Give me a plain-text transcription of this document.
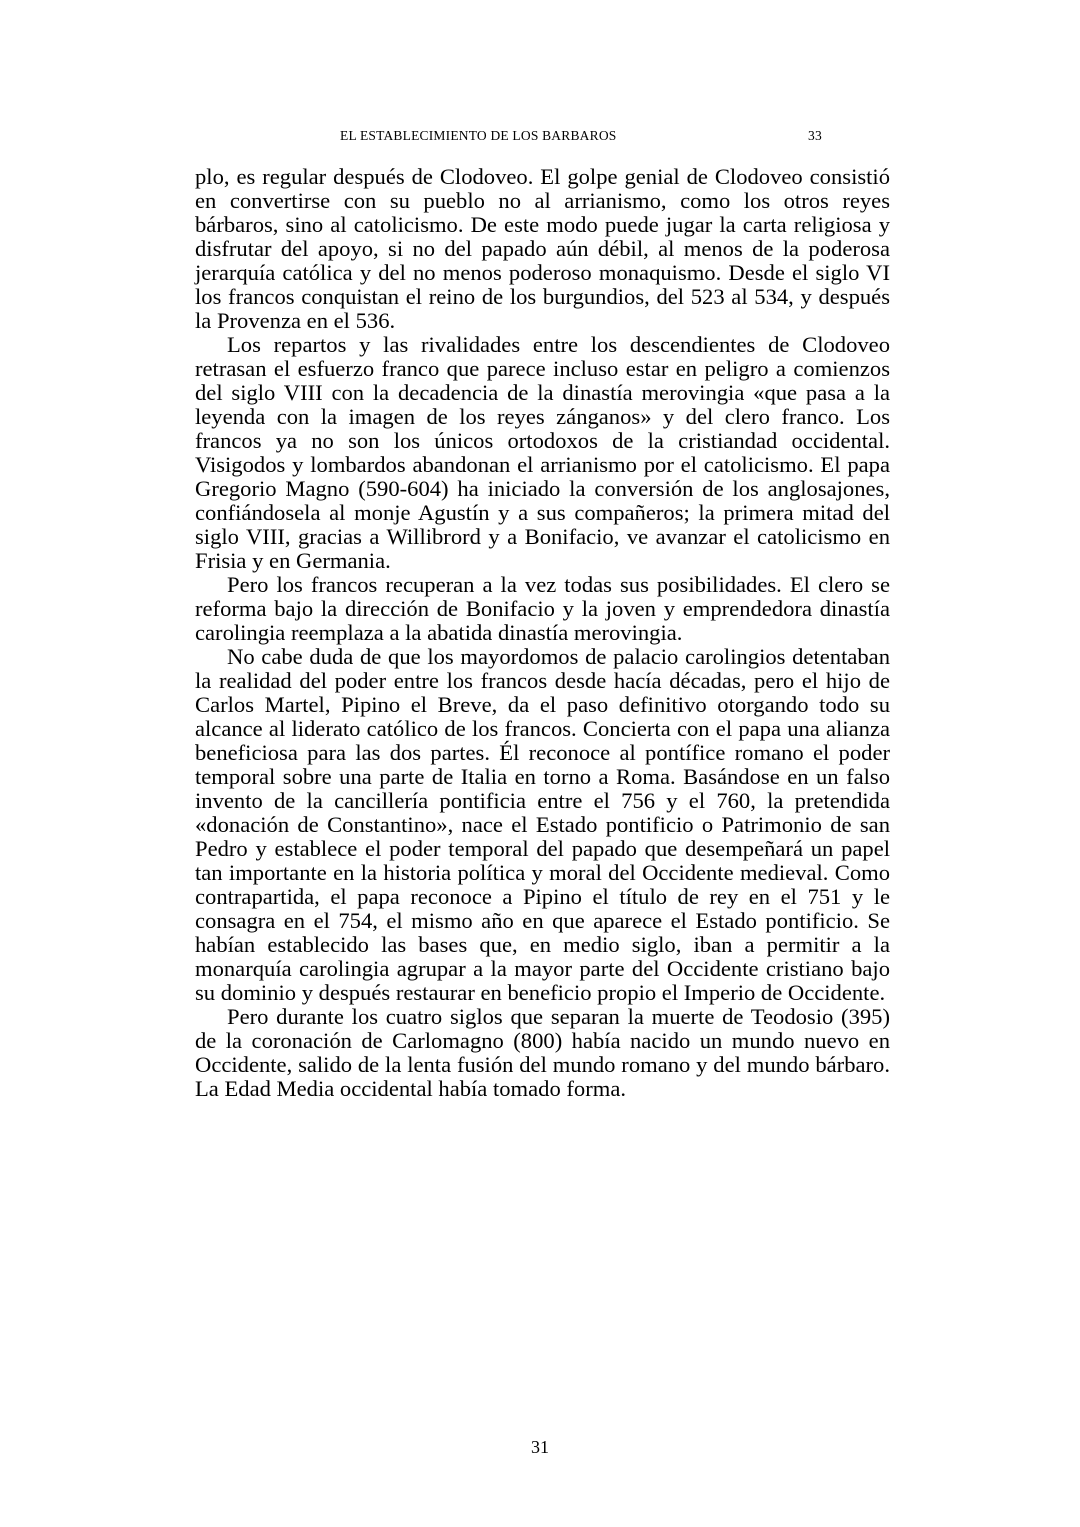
EL ESTABLECIMIENTO DE LOS BARBAROS	33

plo, es regular después de Clodoveo. El golpe genial de Clodoveo consistió en convertirse con su pueblo no al arrianismo, como los otros reyes bárbaros, sino al catolicismo. De este modo puede jugar la carta religiosa y disfrutar del apoyo, si no del papado aún débil, al menos de la poderosa jerarquía católica y del no menos poderoso monaquismo. Desde el siglo VI los francos conquistan el reino de los burgundios, del 523 al 534, y después la Provenza en el 536.

Los repartos y las rivalidades entre los descendientes de Clodoveo retrasan el esfuerzo franco que parece incluso estar en peligro a comienzos del siglo VIII con la decadencia de la dinastía merovingia «que pasa a la leyenda con la imagen de los reyes zánganos» y del clero franco. Los francos ya no son los únicos ortodoxos de la cristiandad occidental. Visigodos y lombardos abandonan el arrianismo por el catolicismo. El papa Gregorio Magno (590-604) ha iniciado la conversión de los anglosajones, confiándosela al monje Agustín y a sus compañeros; la primera mitad del siglo VIII, gracias a Willibrord y a Bonifacio, ve avanzar el catolicismo en Frisia y en Germania.

Pero los francos recuperan a la vez todas sus posibilidades. El clero se reforma bajo la dirección de Bonifacio y la joven y emprendedora dinastía carolingia reemplaza a la abatida dinastía merovingia.

No cabe duda de que los mayordomos de palacio carolingios detentaban la realidad del poder entre los francos desde hacía décadas, pero el hijo de Carlos Martel, Pipino el Breve, da el paso definitivo otorgando todo su alcance al liderato católico de los francos. Concierta con el papa una alianza beneficiosa para las dos partes. Él reconoce al pontífice romano el poder temporal sobre una parte de Italia en torno a Roma. Basándose en un falso invento de la cancillería pontificia entre el 756 y el 760, la pretendida «donación de Constantino», nace el Estado pontificio o Patrimonio de san Pedro y establece el poder temporal del papado que desempeñará un papel tan importante en la historia política y moral del Occidente medieval. Como contrapartida, el papa reconoce a Pipino el título de rey en el 751 y le consagra en el 754, el mismo año en que aparece el Estado pontificio. Se habían establecido las bases que, en medio siglo, iban a permitir a la monarquía carolingia agrupar a la mayor parte del Occidente cristiano bajo su dominio y después restaurar en beneficio propio el Imperio de Occidente.

Pero durante los cuatro siglos que separan la muerte de Teodosio (395) de la coronación de Carlomagno (800) había nacido un mundo nuevo en Occidente, salido de la lenta fusión del mundo romano y del mundo bárbaro. La Edad Media occidental había tomado forma.

31
